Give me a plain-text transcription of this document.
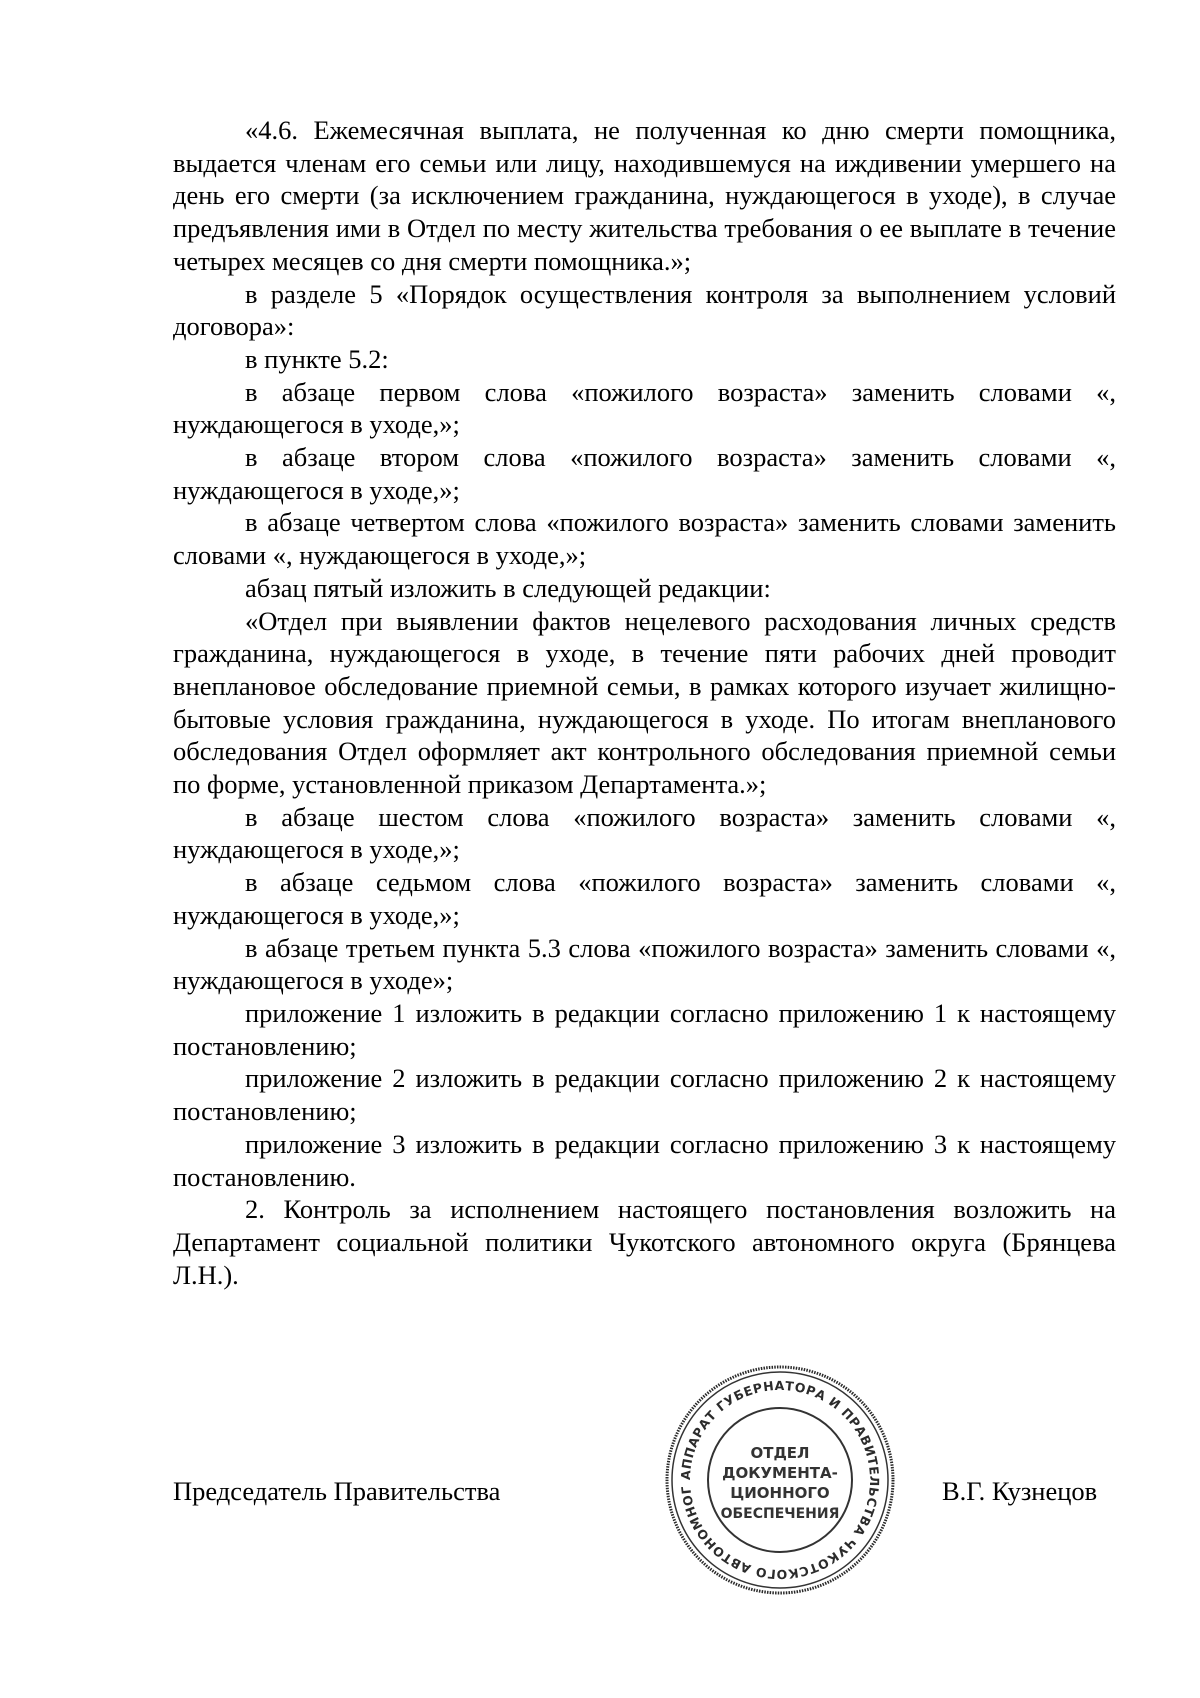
«4.6. Ежемесячная выплата, не полученная ко дню смерти помощника, выдается членам его семьи или лицу, находившемуся на иждивении умершего на день его смерти (за исключением гражданина, нуждающегося в уходе), в случае предъявления ими в Отдел по месту жительства требования о ее выплате в течение четырех месяцев со дня смерти помощника.»;

в разделе 5 «Порядок осуществления контроля за выполнением условий договора»:

в пункте 5.2:

в абзаце первом слова «пожилого возраста» заменить словами «, нуждающегося в уходе,»;

в абзаце втором слова «пожилого возраста» заменить словами «, нуждающегося в уходе,»;

в абзаце четвертом слова «пожилого возраста» заменить словами заменить словами «, нуждающегося в уходе,»;

абзац пятый изложить в следующей редакции:

«Отдел при выявлении фактов нецелевого расходования личных средств гражданина, нуждающегося в уходе, в течение пяти рабочих дней проводит внеплановое обследование приемной семьи, в рамках которого изучает жилищно-бытовые условия гражданина, нуждающегося в уходе. По итогам внепланового обследования Отдел оформляет акт контрольного обследования приемной семьи по форме, установленной приказом Департамента.»;

в абзаце шестом слова «пожилого возраста» заменить словами «, нуждающегося в уходе,»;

в абзаце седьмом слова «пожилого возраста» заменить словами «, нуждающегося в уходе,»;

в абзаце третьем пункта 5.3 слова «пожилого возраста» заменить словами «, нуждающегося в уходе»;

приложение 1 изложить в редакции согласно приложению 1 к настоящему постановлению;

приложение 2 изложить в редакции согласно приложению 2 к настоящему постановлению;

приложение 3 изложить в редакции согласно приложению 3 к настоящему постановлению.

2. Контроль за исполнением настоящего постановления возложить на Департамент социальной политики Чукотского автономного округа (Брянцева Л.Н.).

Председатель Правительства	В.Г. Кузнецов
АППАРАТ ГУБЕРНАТОРА И ПРАВИТЕЛЬСТВА ЧУКОТСКОГО АВТОНОМНОГ
ОТДЕЛ
ДОКУМЕНТА-
ЦИОННОГО
ОБЕСПЕЧЕНИЯ
